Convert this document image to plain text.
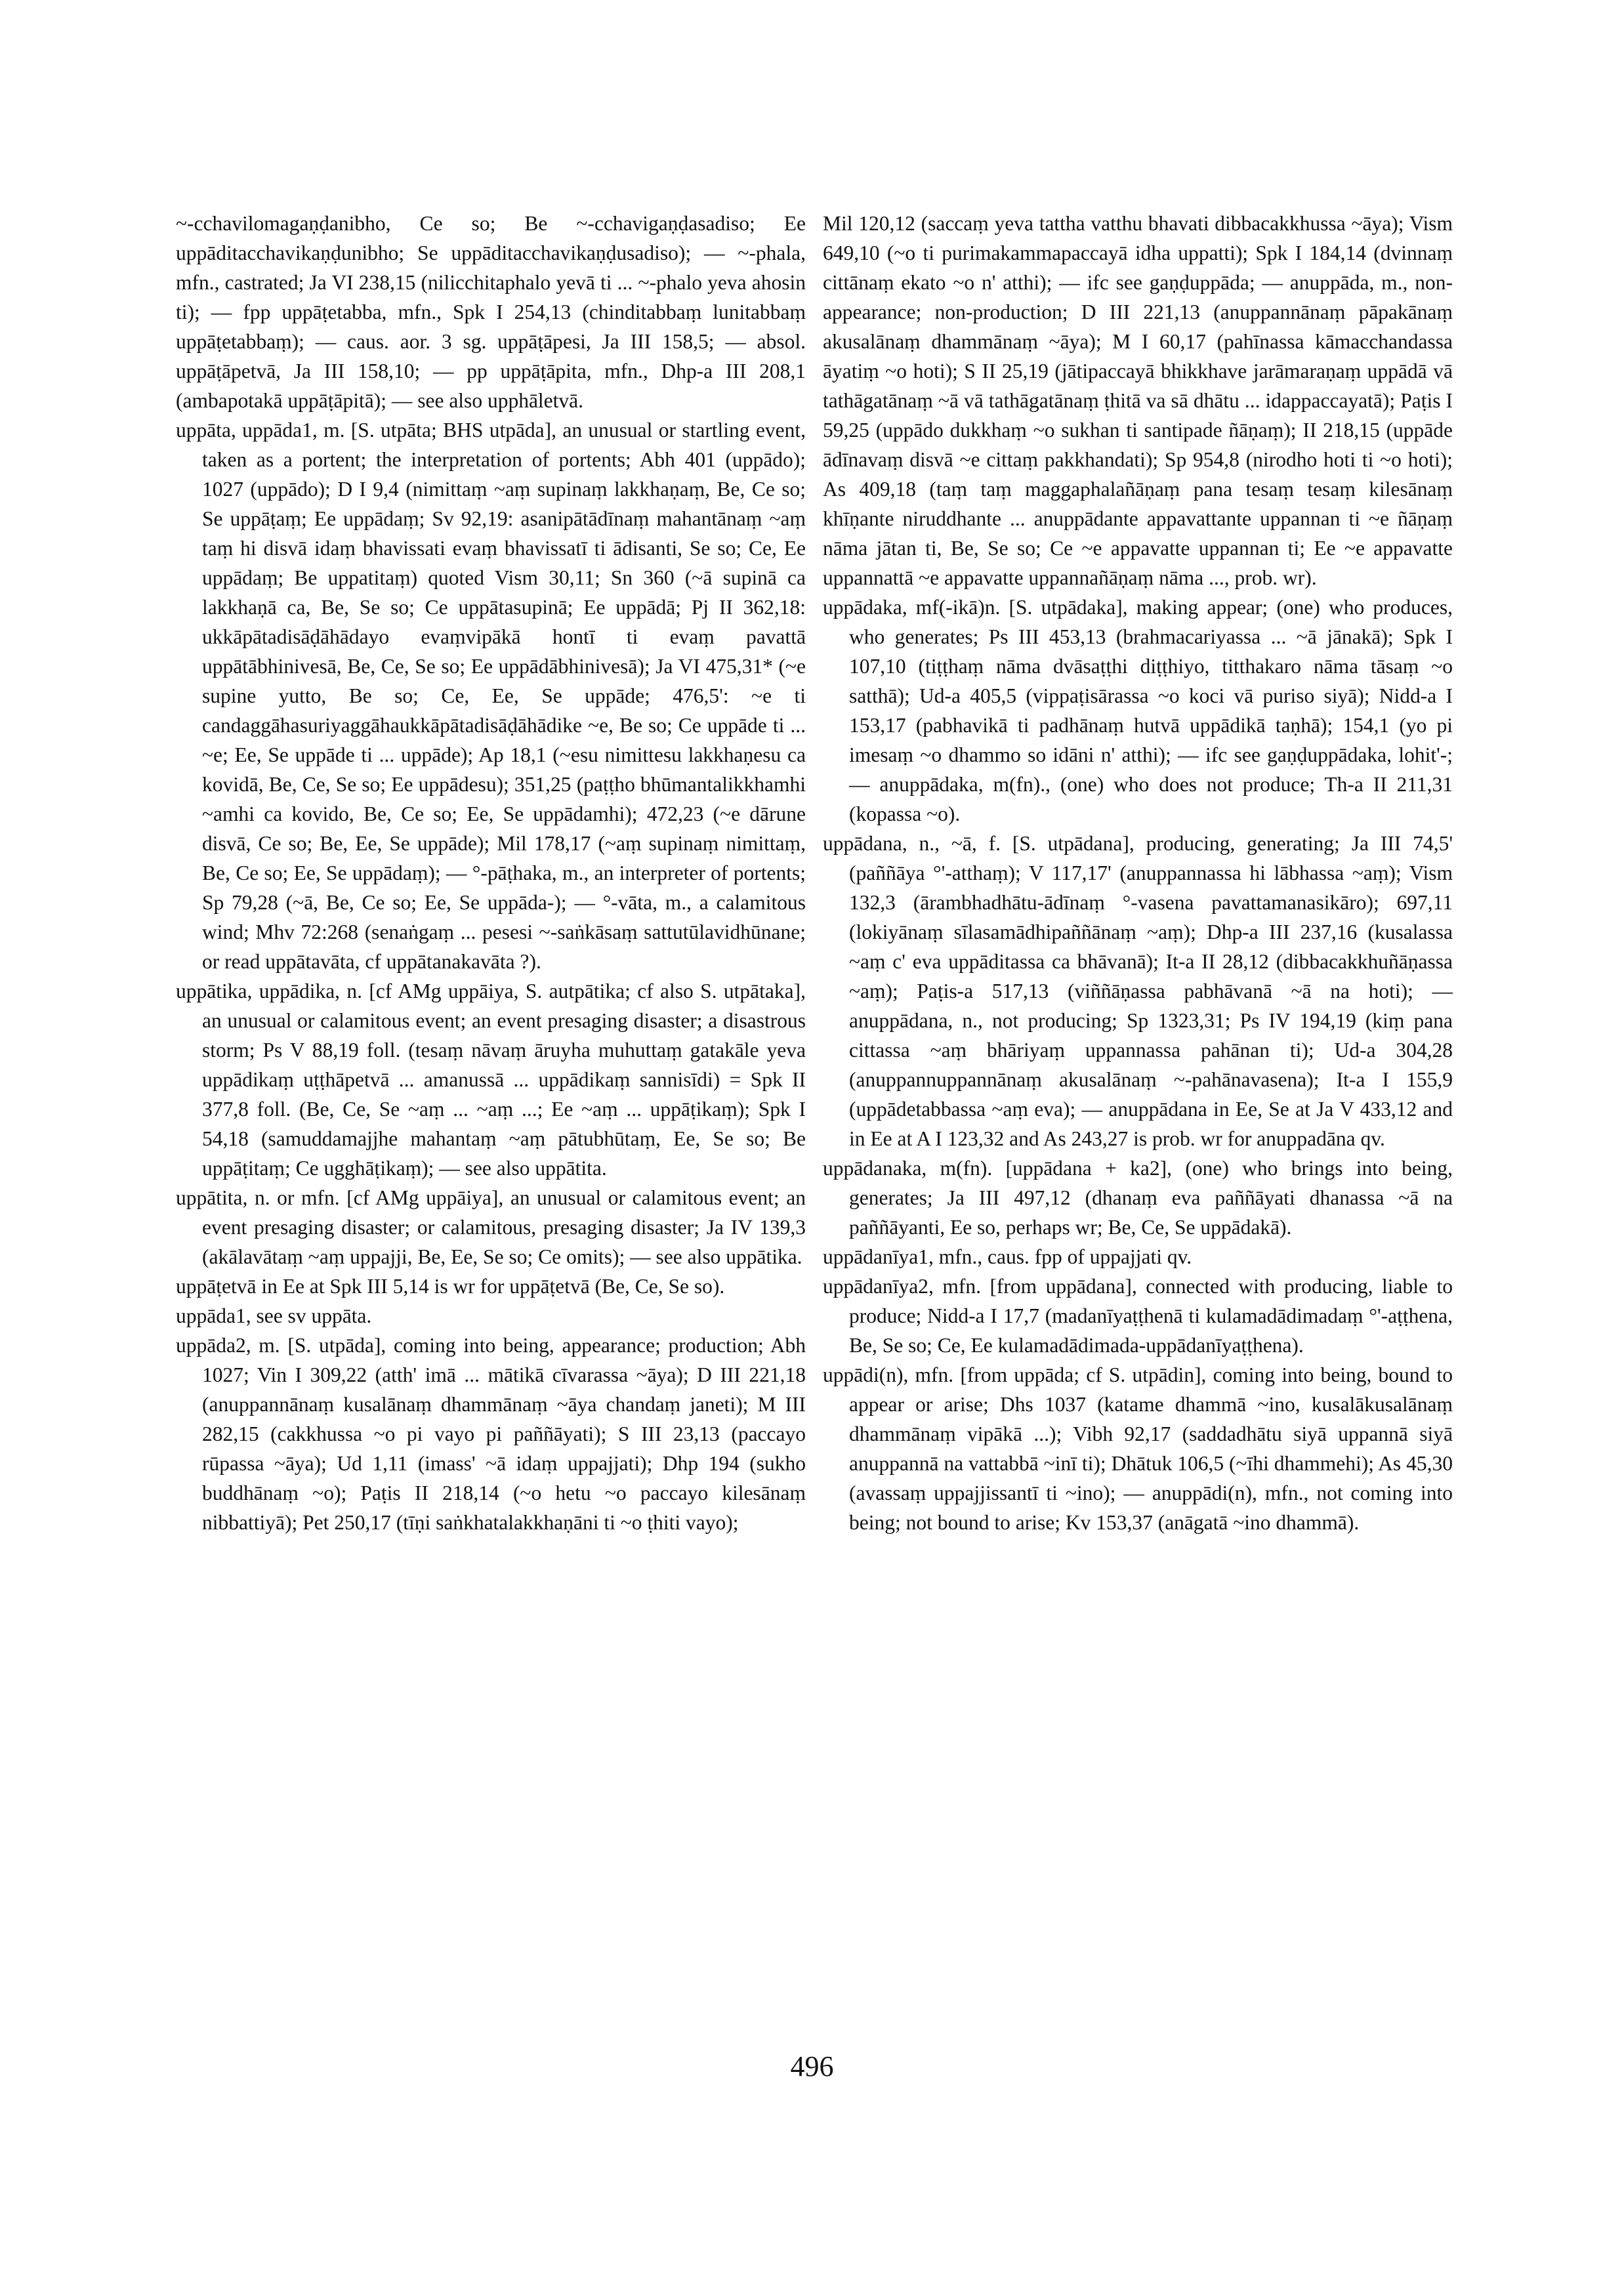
~-cchavilomagaṇḍanibho, Ce so; Be ~-cchavigaṇḍasadiso; Ee uppāditacchavikaṇḍunibho; Se uppāditacchavikaṇḍusadiso); — ~-phala, mfn., castrated; Ja VI 238,15 (nilicchitaphalo yevā ti ... ~-phalo yeva ahosin ti); — fpp uppāṭetabba, mfn., Spk I 254,13 (chinditabbaṃ lunitabbaṃ uppāṭetabbaṃ); — caus. aor. 3 sg. uppāṭāpesi, Ja III 158,5; — absol. uppāṭāpetvā, Ja III 158,10; — pp uppāṭāpita, mfn., Dhp-a III 208,1 (ambapotakā uppāṭāpitā); — see also upphāletvā.

uppāta, uppāda1, m. [S. utpāta; BHS utpāda], an unusual or startling event, taken as a portent; the interpretation of portents; Abh 401 (uppādo); 1027 (uppādo); D I 9,4 (nimittaṃ ~aṃ supinaṃ lakkhaṇaṃ, Be, Ce so; Se uppāṭaṃ; Ee uppādaṃ; Sv 92,19: asanipātādīnaṃ mahantānaṃ ~aṃ taṃ hi disvā idaṃ bhavissati evaṃ bhavissatī ti ādisanti, Se so; Ce, Ee uppādaṃ; Be uppatitaṃ) quoted Vism 30,11; Sn 360 (~ā supinā ca lakkhaṇā ca, Be, Se so; Ce uppātasupinā; Ee uppādā; Pj II 362,18: ukkāpātadisāḍāhādayo evaṃvipākā hontī ti evaṃ pavattā uppātābhinivesā, Be, Ce, Se so; Ee uppādābhinivesā); Ja VI 475,31* (~e supine yutto, Be so; Ce, Ee, Se uppāde; 476,5': ~e ti candaggāhasuriyaggāhaukkāpātadisāḍāhādike ~e, Be so; Ce uppāde ti ... ~e; Ee, Se uppāde ti ... uppāde); Ap 18,1 (~esu nimittesu lakkhaṇesu ca kovidā, Be, Ce, Se so; Ee uppādesu); 351,25 (paṭṭho bhūmantalikkhamhi ~amhi ca kovido, Be, Ce so; Ee, Se uppādamhi); 472,23 (~e dārune disvā, Ce so; Be, Ee, Se uppāde); Mil 178,17 (~aṃ supinaṃ nimittaṃ, Be, Ce so; Ee, Se uppādaṃ); — °-pāṭhaka, m., an interpreter of portents; Sp 79,28 (~ā, Be, Ce so; Ee, Se uppāda-); — °-vāta, m., a calamitous wind; Mhv 72:268 (senaṅgaṃ ... pesesi ~-saṅkāsaṃ sattutūlavidhūnane; or read uppātavāta, cf uppātanakavāta ?).

uppātika, uppādika, n. [cf AMg uppāiya, S. autpātika; cf also S. utpātaka], an unusual or calamitous event; an event presaging disaster; a disastrous storm; Ps V 88,19 foll. (tesaṃ nāvaṃ āruyha muhuttaṃ gatakāle yeva uppādikaṃ uṭṭhāpetvā ... amanussā ... uppādikaṃ sannisīdi) = Spk II 377,8 foll. (Be, Ce, Se ~aṃ ... ~aṃ ...; Ee ~aṃ ... uppāṭikaṃ); Spk I 54,18 (samuddamajjhe mahantaṃ ~aṃ pātubhūtaṃ, Ee, Se so; Be uppāṭitaṃ; Ce ugghāṭikaṃ); — see also uppātita.

uppātita, n. or mfn. [cf AMg uppāiya], an unusual or calamitous event; an event presaging disaster; or calamitous, presaging disaster; Ja IV 139,3 (akālavātaṃ ~aṃ uppajji, Be, Ee, Se so; Ce omits); — see also uppātika.

uppāṭetvā in Ee at Spk III 5,14 is wr for uppāṭetvā (Be, Ce, Se so).

uppāda1, see sv uppāta.

uppāda2, m. [S. utpāda], coming into being, appearance; production; Abh 1027; Vin I 309,22 (atth' imā ... mātikā cīvarassa ~āya); D III 221,18 (anuppannānaṃ kusalānaṃ dhammānaṃ ~āya chandaṃ janeti); M III 282,15 (cakkhussa ~o pi vayo pi paññāyati); S III 23,13 (paccayo rūpassa ~āya); Ud 1,11 (imass' ~ā idaṃ uppajjati); Dhp 194 (sukho buddhānaṃ ~o); Paṭis II 218,14 (~o hetu ~o paccayo kilesānaṃ nibbattiyā); Pet 250,17 (tīṇi saṅkhatalakkhaṇāni ti ~o ṭhiti vayo);

Mil 120,12 (saccaṃ yeva tattha vatthu bhavati dibbacakkhussa ~āya); Vism 649,10 (~o ti purimakammapaccayā idha uppatti); Spk I 184,14 (dvinnaṃ cittānaṃ ekato ~o n' atthi); — ifc see gaṇḍuppāda; — anuppāda, m., non-appearance; non-production; D III 221,13 (anuppannānaṃ pāpakānaṃ akusalānaṃ dhammānaṃ ~āya); M I 60,17 (pahīnassa kāmacchandassa āyatiṃ ~o hoti); S II 25,19 (jātipaccayā bhikkhave jarāmaraṇaṃ uppādā vā tathāgatānaṃ ~ā vā tathāgatānaṃ ṭhitā va sā dhātu ... idappaccayatā); Paṭis I 59,25 (uppādo dukkhaṃ ~o sukhan ti santipade ñāṇaṃ); II 218,15 (uppāde ādīnavaṃ disvā ~e cittaṃ pakkhandati); Sp 954,8 (nirodho hoti ti ~o hoti); As 409,18 (taṃ taṃ maggaphalañāṇaṃ pana tesaṃ tesaṃ kilesānaṃ khīṇante niruddhante ... anuppādante appavattante uppannan ti ~e ñāṇaṃ nāma jātan ti, Be, Se so; Ce ~e appavatte uppannan ti; Ee ~e appavatte uppannattā ~e appavatte uppannañāṇaṃ nāma ..., prob. wr).

uppādaka, mf(-ikā)n. [S. utpādaka], making appear; (one) who produces, who generates; Ps III 453,13 (brahmacariyassa ... ~ā jānakā); Spk I 107,10 (tiṭṭhaṃ nāma dvāsaṭṭhi diṭṭhiyo, titthakaro nāma tāsaṃ ~o satthā); Ud-a 405,5 (vippaṭisārassa ~o koci vā puriso siyā); Nidd-a I 153,17 (pabhavikā ti padhānaṃ hutvā uppādikā taṇhā); 154,1 (yo pi imesaṃ ~o dhammo so idāni n' atthi); — ifc see gaṇḍuppādaka, lohit'-; — anuppādaka, m(fn)., (one) who does not produce; Th-a II 211,31 (kopassa ~o).

uppādana, n., ~ā, f. [S. utpādana], producing, generating; Ja III 74,5' (paññāya °'-atthaṃ); V 117,17' (anuppannassa hi lābhassa ~aṃ); Vism 132,3 (ārambhadhātu-ādīnaṃ °-vasena pavattamanasikāro); 697,11 (lokiyānaṃ sīlasamādhipaññānaṃ ~aṃ); Dhp-a III 237,16 (kusalassa ~aṃ c' eva uppāditassa ca bhāvanā); It-a II 28,12 (dibbacakkhuñāṇassa ~aṃ); Paṭis-a 517,13 (viññāṇassa pabhāvanā ~ā na hoti); — anuppādana, n., not producing; Sp 1323,31; Ps IV 194,19 (kiṃ pana cittassa ~aṃ bhāriyaṃ uppannassa pahānan ti); Ud-a 304,28 (anuppannuppannānaṃ akusalānaṃ ~-pahānavasena); It-a I 155,9 (uppādetabbassa ~aṃ eva); — anuppādana in Ee, Se at Ja V 433,12 and in Ee at A I 123,32 and As 243,27 is prob. wr for anuppadāna qv.

uppādanaka, m(fn). [uppādana + ka2], (one) who brings into being, generates; Ja III 497,12 (dhanaṃ eva paññāyati dhanassa ~ā na paññāyanti, Ee so, perhaps wr; Be, Ce, Se uppādakā).

uppādanīya1, mfn., caus. fpp of uppajjati qv.

uppādanīya2, mfn. [from uppādana], connected with producing, liable to produce; Nidd-a I 17,7 (madanīyaṭṭhenā ti kulamadādimadaṃ °'-aṭṭhena, Be, Se so; Ce, Ee kulamadādimada-uppādanīyaṭṭhena).

uppādi(n), mfn. [from uppāda; cf S. utpādin], coming into being, bound to appear or arise; Dhs 1037 (katame dhammā ~ino, kusalākusalānaṃ dhammānaṃ vipākā ...); Vibh 92,17 (saddadhātu siyā uppannā siyā anuppannā na vattabbā ~inī ti); Dhātuk 106,5 (~īhi dhammehi); As 45,30 (avassaṃ uppajjissantī ti ~ino); — anuppādi(n), mfn., not coming into being; not bound to arise; Kv 153,37 (anāgatā ~ino dhammā).

496
